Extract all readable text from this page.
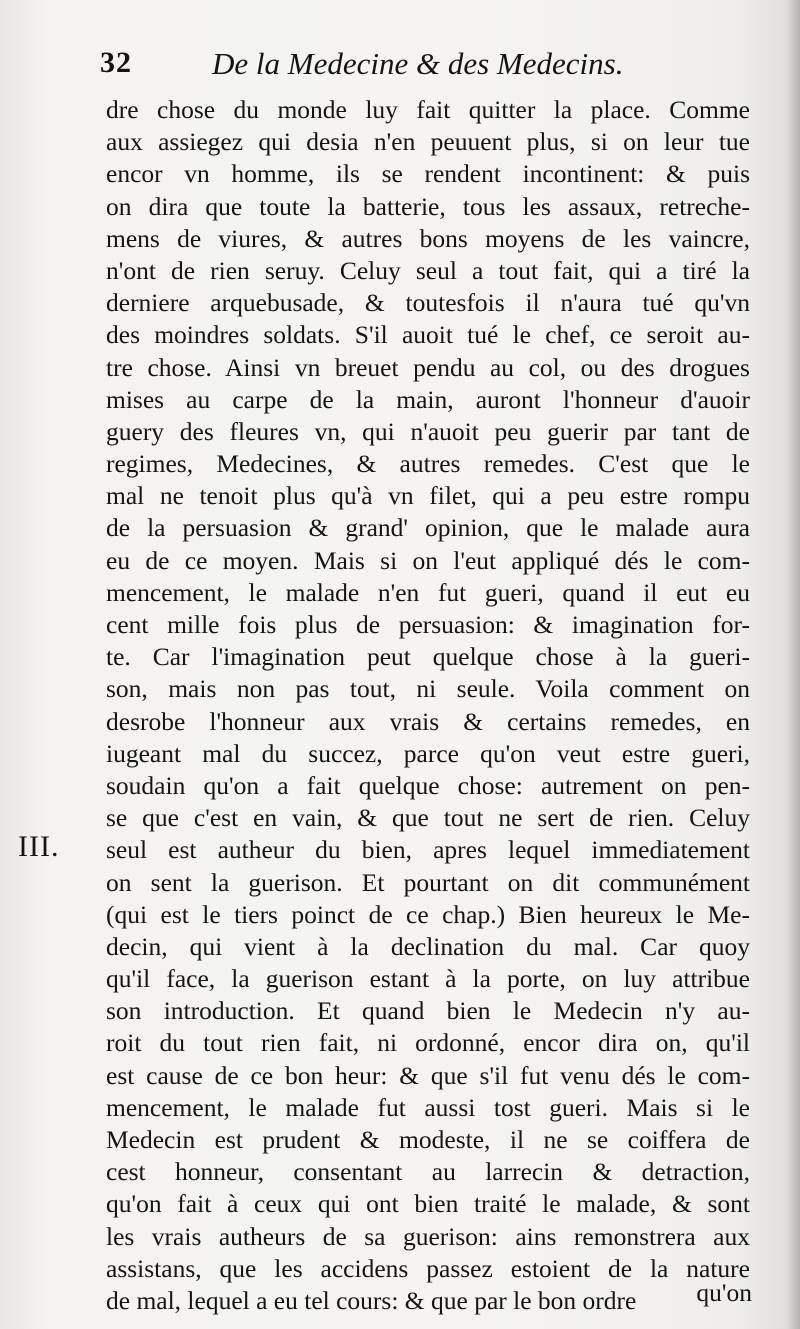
32	De la Medecine & des Medecins.
III.
dre chose du monde luy fait quitter la place. Comme
aux assiegez qui desia n'en peuuent plus, si on leur tue
encor vn homme, ils se rendent incontinent: & puis
on dira que toute la batterie, tous les assaux, retreche-
mens de viures, & autres bons moyens de les vaincre,
n'ont de rien seruy. Celuy seul a tout fait, qui a tiré la
derniere arquebusade, & toutesfois il n'aura tué qu'vn
des moindres soldats. S'il auoit tué le chef, ce seroit au-
tre chose. Ainsi vn breuet pendu au col, ou des drogues
mises au carpe de la main, auront l'honneur d'auoir
guery des fleures vn, qui n'auoit peu guerir par tant de
regimes, Medecines, & autres remedes. C'est que le
mal ne tenoit plus qu'à vn filet, qui a peu estre rompu
de la persuasion & grand' opinion, que le malade aura
eu de ce moyen. Mais si on l'eut appliqué dés le com-
mencement, le malade n'en fut gueri, quand il eut eu
cent mille fois plus de persuasion: & imagination for-
te. Car l'imagination peut quelque chose à la gueri-
son, mais non pas tout, ni seule. Voila comment on
desrobe l'honneur aux vrais & certains remedes, en
iugeant mal du succez, parce qu'on veut estre gueri,
soudain qu'on a fait quelque chose: autrement on pen-
se que c'est en vain, & que tout ne sert de rien. Celuy
seul est autheur du bien, apres lequel immediatement
on sent la guerison. Et pourtant on dit communément
(qui est le tiers poinct de ce chap.) Bien heureux le Me-
decin, qui vient à la declination du mal. Car quoy
qu'il face, la guerison estant à la porte, on luy attribue
son introduction. Et quand bien le Medecin n'y au-
roit du tout rien fait, ni ordonné, encor dira on, qu'il
est cause de ce bon heur: & que s'il fut venu dés le com-
mencement, le malade fut aussi tost gueri. Mais si le
Medecin est prudent & modeste, il ne se coiffera de
cest honneur, consentant au larrecin & detraction,
qu'on fait à ceux qui ont bien traité le malade, & sont
les vrais autheurs de sa guerison: ains remonstrera aux
assistans, que les accidens passez estoient de la nature
de mal, lequel a eu tel cours: & que par le bon ordre	qu'on
